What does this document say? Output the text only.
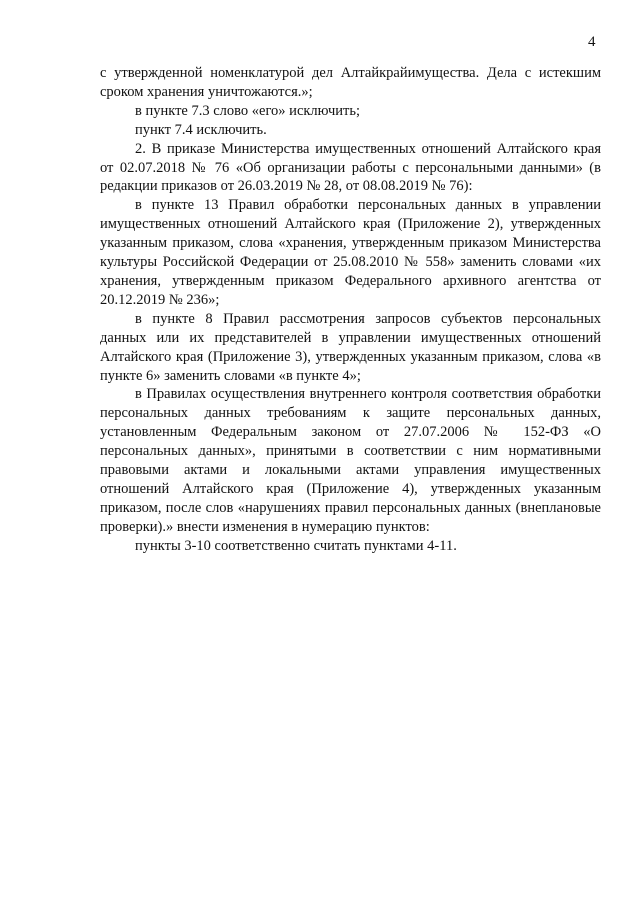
4

с утвержденной номенклатурой дел Алтайкрайимущества. Дела с истекшим сроком хранения уничтожаются.»;

в пункте 7.3 слово «его» исключить;

пункт 7.4 исключить.

2. В приказе Министерства имущественных отношений Алтайского края от 02.07.2018 № 76 «Об организации работы с персональными данными» (в редакции приказов от 26.03.2019 № 28, от 08.08.2019 № 76):

в пункте 13 Правил обработки персональных данных в управлении имущественных отношений Алтайского края (Приложение 2), утвержденных указанным приказом, слова «хранения, утвержденным приказом Министерства культуры Российской Федерации от 25.08.2010 № 558» заменить словами «их хранения, утвержденным приказом Федерального архивного агентства от 20.12.2019 № 236»;

в пункте 8 Правил рассмотрения запросов субъектов персональных данных или их представителей в управлении имущественных отношений Алтайского края (Приложение 3), утвержденных указанным приказом, слова «в пункте 6» заменить словами «в пункте 4»;

в Правилах осуществления внутреннего контроля соответствия обработки персональных данных требованиям к защите персональных данных, установленным Федеральным законом от 27.07.2006 № 152-ФЗ «О персональных данных», принятыми в соответствии с ним нормативными правовыми актами и локальными актами управления имущественных отношений Алтайского края (Приложение 4), утвержденных указанным приказом, после слов «нарушениях правил персональных данных (внеплановые проверки).» внести изменения в нумерацию пунктов:

пункты 3-10 соответственно считать пунктами 4-11.
